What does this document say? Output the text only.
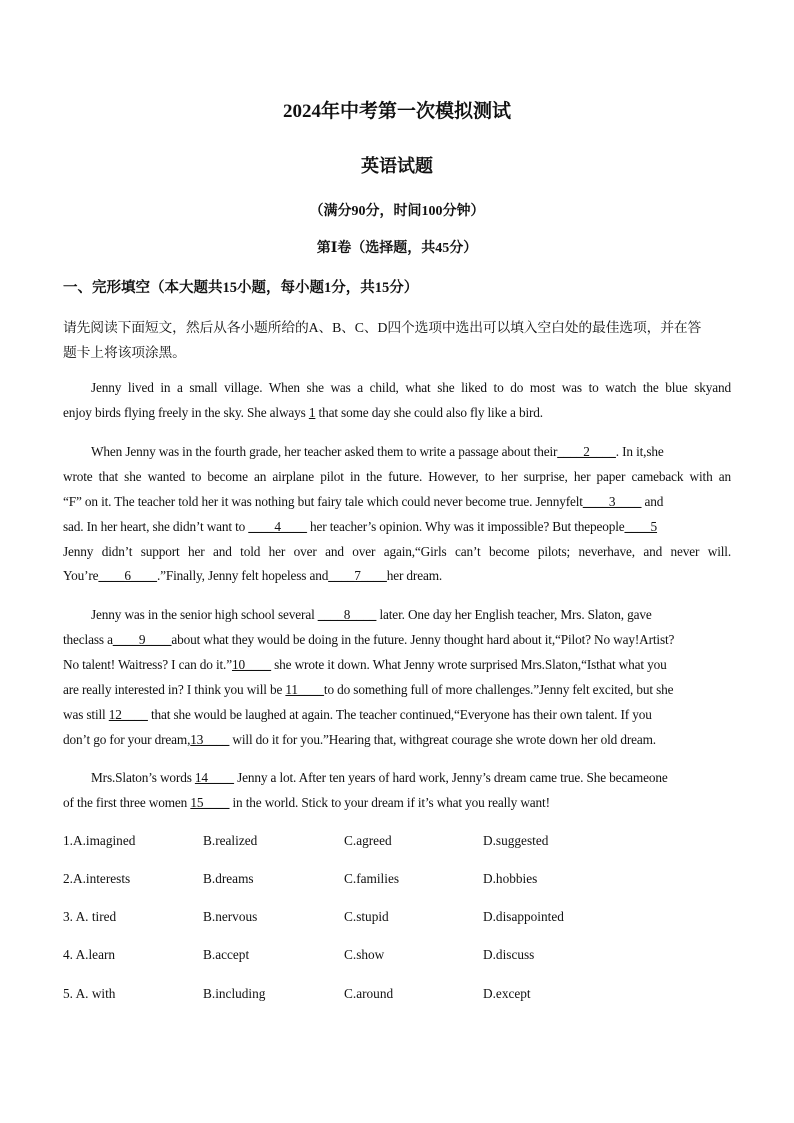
2024年中考第一次模拟测试
英语试题
（满分90分，时间100分钟）
第Ⅰ卷（选择题，共45分）
一、完形填空（本大题共15小题，每小题1分，共15分）
请先阅读下面短文，然后从各小题所给的A、B、C、D四个选项中选出可以填入空白处的最佳选项，并在答
题卡上将该项涂黑。
Jenny lived in a small village. When she was a child, what she liked to do most was to watch the blue skyand
enjoy birds flying freely in the sky. She always 1 that some day she could also fly like a bird.
When Jenny was in the fourth grade, her teacher asked them to write a passage about their____2____. In it,she
wrote that she wanted to become an airplane pilot in the future. However, to her surprise, her paper cameback with an
“F” on it. The teacher told her it was nothing but fairy tale which could never become true. Jennyfelt____3____ and
sad. In her heart, she didn’t want to ____4____ her teacher’s opinion. Why was it impossible? But thepeople____5
Jenny didn’t support her and told her over and over again,“Girls can’t become pilots; neverhave, and never will.
You’re____6____.”Finally, Jenny felt hopeless and____7____her dream.
Jenny was in the senior high school several ____8____ later. One day her English teacher, Mrs. Slaton, gave
theclass a____9____about what they would be doing in the future. Jenny thought hard about it,“Pilot? No way!Artist?
No talent! Waitress? I can do it.”10____ she wrote it down. What Jenny wrote surprised Mrs.Slaton,“Isthat what you
are really interested in? I think you will be 11____to do something full of more challenges.”Jenny felt excited, but she
was still 12____ that she would be laughed at again. The teacher continued,“Everyone has their own talent. If you
don’t go for your dream,13____ will do it for you.”Hearing that, withgreat courage she wrote down her old dream.
Mrs.Slaton’s words 14____ Jenny a lot. After ten years of hard work, Jenny’s dream came true. She becameone
of the first three women 15____ in the world. Stick to your dream if it’s what you really want!
1.A.imagined	B.realized	C.agreed	D.suggested
2.A.interests	B.dreams	C.families	D.hobbies
3. A. tired	B.nervous	C.stupid	D.disappointed
4. A.learn	B.accept	C.show	D.discuss
5. A. with	B.including	C.around	D.except
